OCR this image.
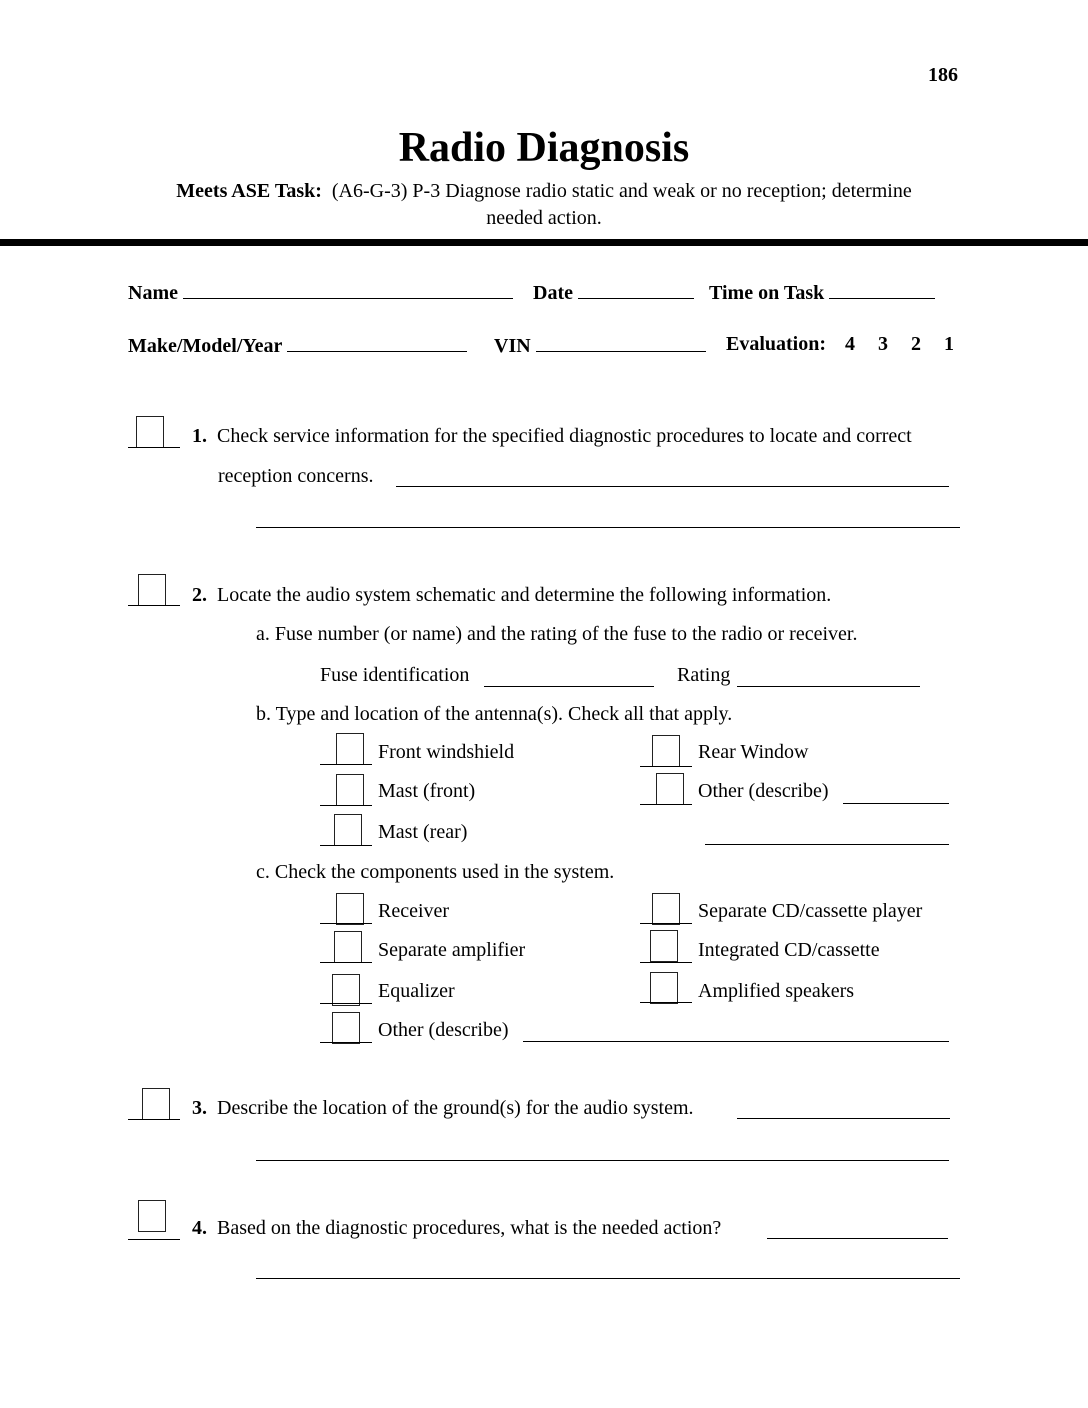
186
Radio Diagnosis
Meets ASE Task: (A6-G-3) P-3 Diagnose radio static and weak or no reception; determine
needed action.
Name	Date	Time on Task
Make/Model/Year	VIN	Evaluation: 4 3 2 1
1. Check service information for the specified diagnostic procedures to locate and correct
reception concerns.
2. Locate the audio system schematic and determine the following information.
a. Fuse number (or name) and the rating of the fuse to the radio or receiver.
Fuse identification	Rating
b. Type and location of the antenna(s). Check all that apply.
Front windshield	Rear Window
Mast (front)	Other (describe)
Mast (rear)
c. Check the components used in the system.
Receiver	Separate CD/cassette player
Separate amplifier	Integrated CD/cassette
Equalizer	Amplified speakers
Other (describe)
3. Describe the location of the ground(s) for the audio system.
4. Based on the diagnostic procedures, what is the needed action?
